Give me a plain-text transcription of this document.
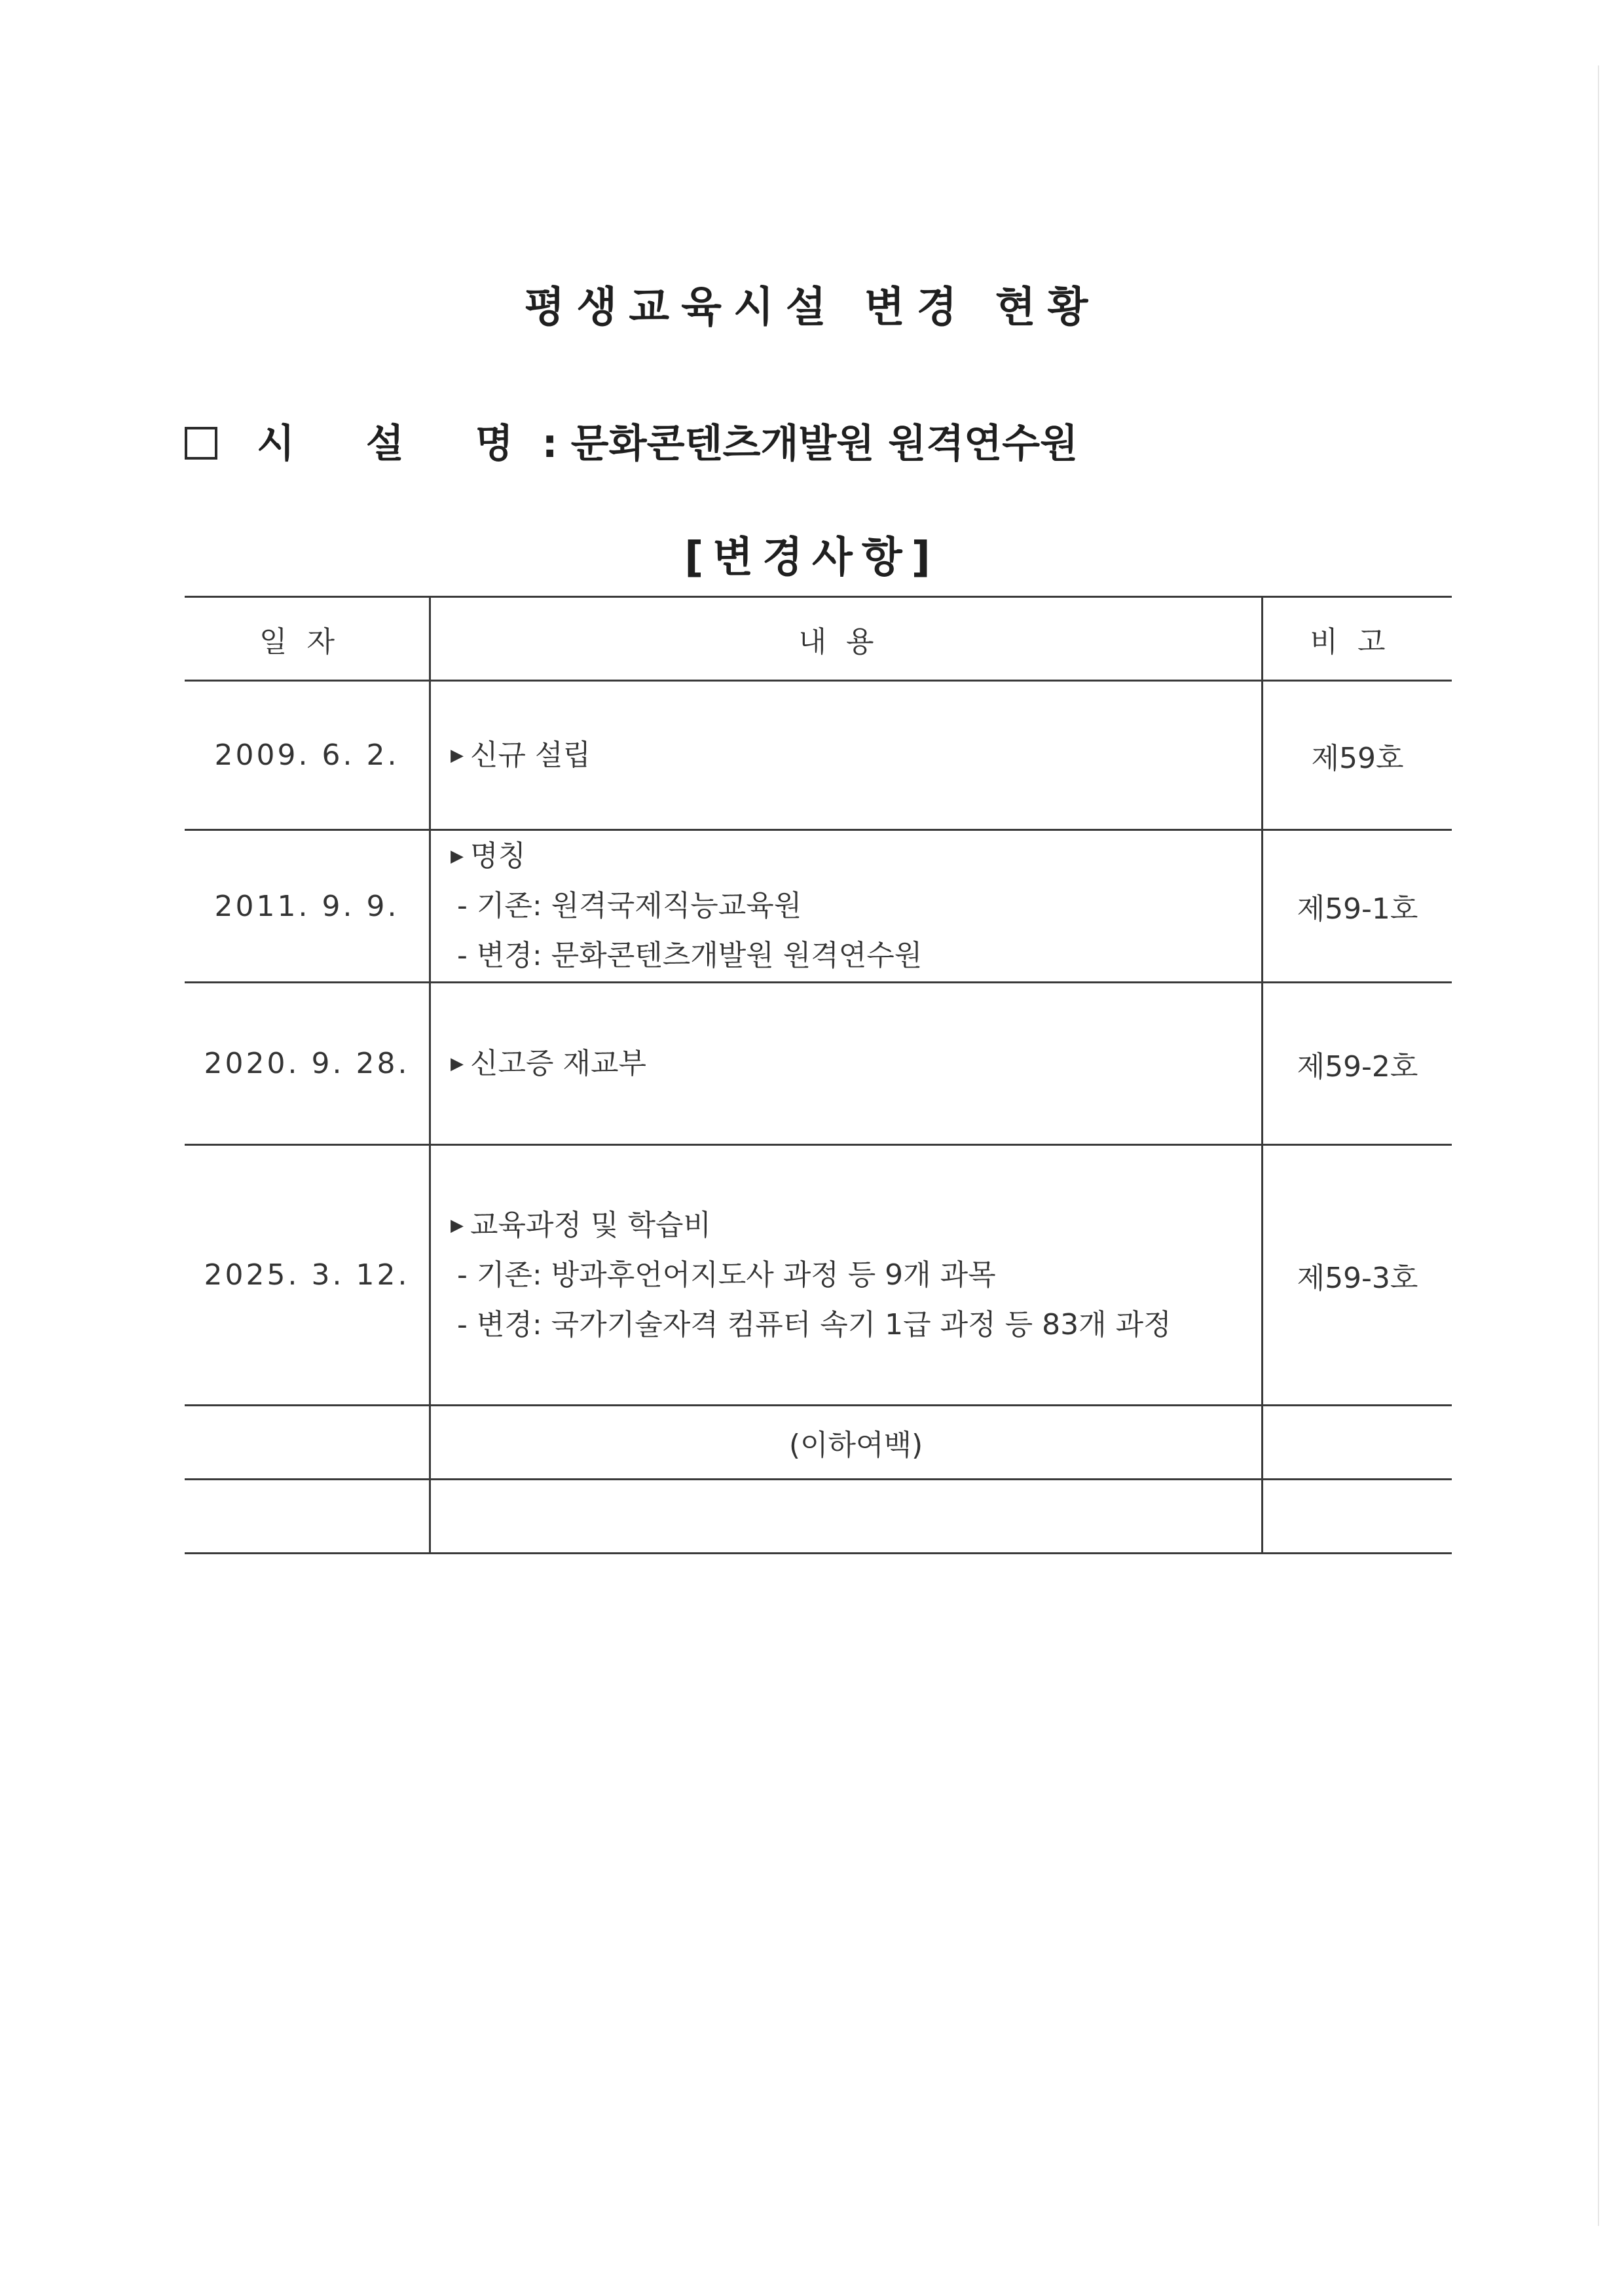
평생교육시설 변경 현황
시 설 명: 문화콘텐츠개발원 원격연수원
[변경사항]
일자	내용	비고
2009. 6. 2.	▶ 신규 설립	제59호
2011. 9. 9.	▶ 명칭
- 기존: 원격국제직능교육원
- 변경: 문화콘텐츠개발원 원격연수원	제59-1호
2020. 9. 28.	▶ 신고증 재교부	제59-2호
2025. 3. 12.	▶ 교육과정 및 학습비
- 기존: 방과후언어지도사 과정 등 9개 과목
- 변경: 국가기술자격 컴퓨터 속기 1급 과정 등 83개 과정	제59-3호
	(이하여백)	
